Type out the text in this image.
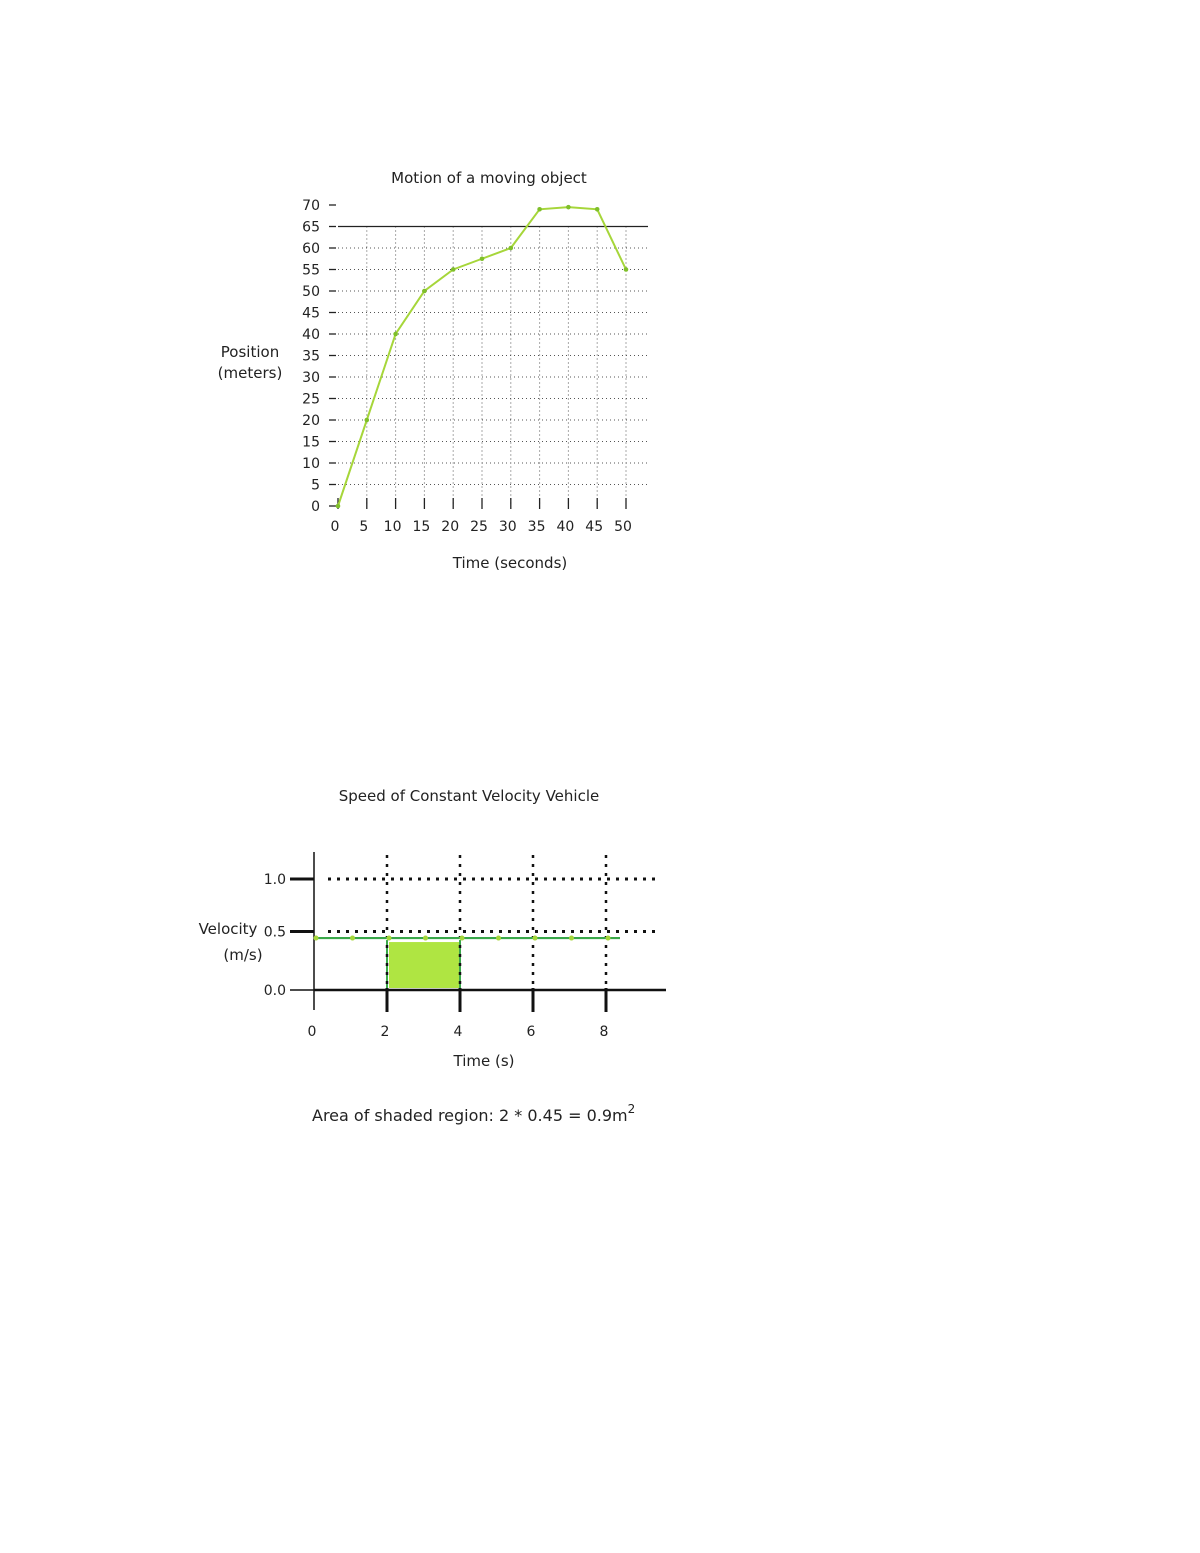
Motion of a moving object
Position
(meters)
Time (seconds)
0
5
10
15
20
25
30
35
40
45
50
55
60
65
70
0 5 10 15 20 25 30 35 40 45 50
Speed of Constant Velocity Vehicle
Velocity
(m/s)
Time (s)
0.0
0.5
1.0
0	2	4	6	8
Area of shaded region: $2 * 0.45 = 0.9m^2$
